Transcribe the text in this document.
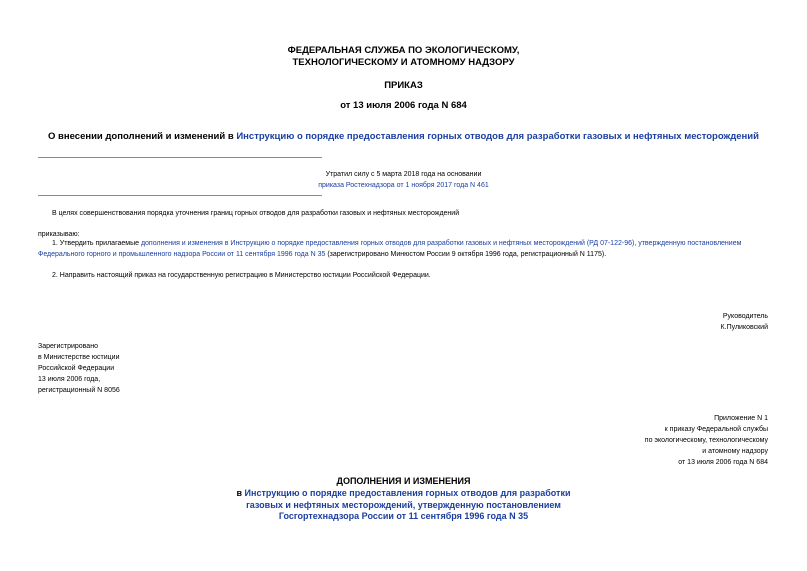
ФЕДЕРАЛЬНАЯ СЛУЖБА ПО ЭКОЛОГИЧЕСКОМУ,
ТЕХНОЛОГИЧЕСКОМУ И АТОМНОМУ НАДЗОРУ
ПРИКАЗ
от 13 июля 2006 года N 684
О внесении дополнений и изменений в Инструкцию о порядке предоставления горных отводов для разработки газовых и нефтяных месторождений
Утратил силу с 5 марта 2018 года на основании
приказа Ростехнадзора от 1 ноября 2017 года N 461
В целях совершенствования порядка уточнения границ горных отводов для разработки газовых и нефтяных месторождений
приказываю:
1. Утвердить прилагаемые дополнения и изменения в Инструкцию о порядке предоставления горных отводов для разработки газовых и нефтяных месторождений (РД 07-122-96), утвержденную постановлением Федерального горного и промышленного надзора России от 11 сентября 1996 года N 35 (зарегистрировано Минюстом России 9 октября 1996 года, регистрационный N 1175).
2. Направить настоящий приказ на государственную регистрацию в Министерство юстиции Российской Федерации.
Руководитель
К.Пуликовский
Зарегистрировано
в Министерстве юстиции
Российской Федерации
13 июля 2006 года,
регистрационный N 8056
Приложение N 1
к приказу Федеральной службы
по экологическому, технологическому
и атомному надзору
от 13 июля 2006 года N 684
ДОПОЛНЕНИЯ И ИЗМЕНЕНИЯ
в Инструкцию о порядке предоставления горных отводов для разработки
газовых и нефтяных месторождений, утвержденную постановлением
Госгортехнадзора России от 11 сентября 1996 года N 35
